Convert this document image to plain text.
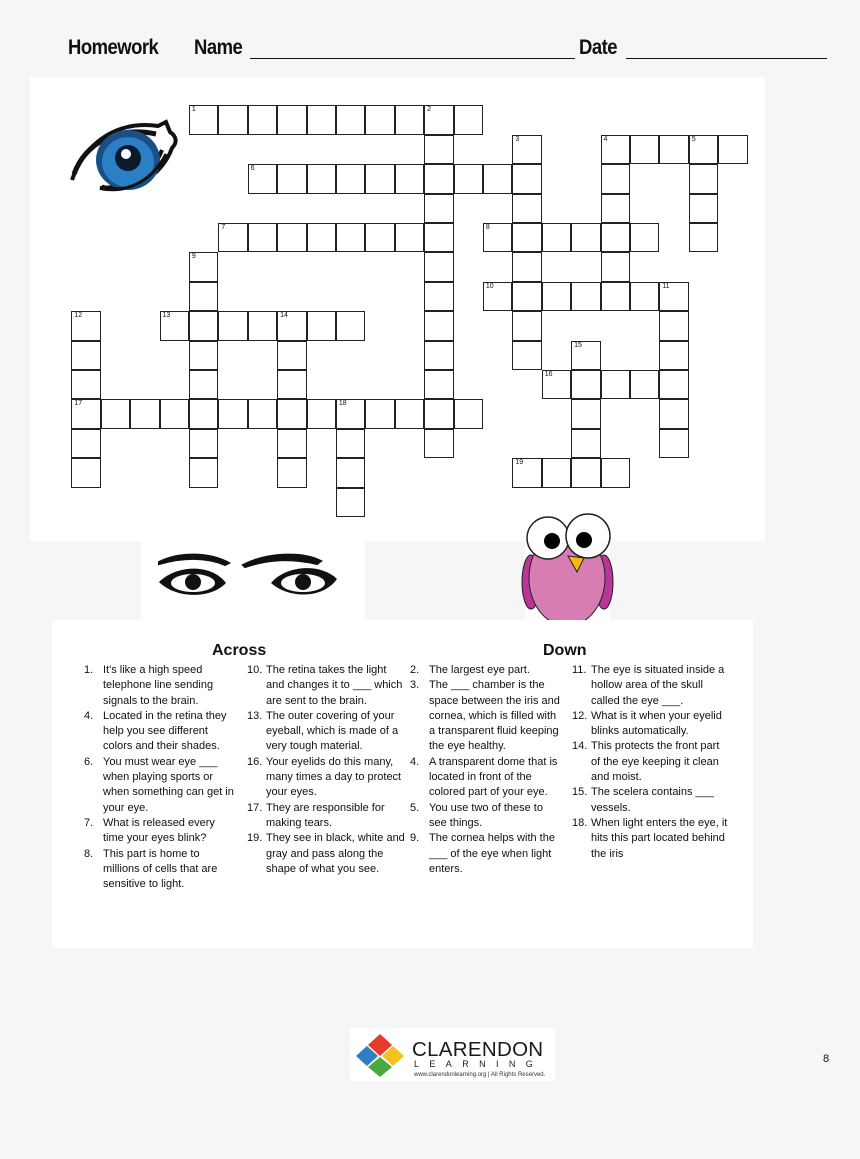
Homework Name	Date
1	2
3	4	5
6
7	8
9
10	11
12
17
13	14
15
16
18
19
Across	Down
1. It's like a high speed telephone line sending signals to the brain.
4. Located in the retina they help you see different colors and their shades.
6. You must wear eye ___ when playing sports or when something can get in your eye.
7. What is released every time your eyes blink?
8. This part is home to millions of cells that are sensitive to light.
10. The retina takes the light and changes it to ___ which are sent to the brain.
13. The outer covering of your eyeball, which is made of a very tough material.
16. Your eyelids do this many, many times a day to protect your eyes.
17. They are responsible for making tears.
19. They see in black, white and gray and pass along the shape of what you see.
2. The largest eye part.
3. The ___ chamber is the space between the iris and cornea, which is filled with a transparent fluid keeping the eye healthy.
4. A transparent dome that is located in front of the colored part of your eye.
5. You use two of these to see things.
9. The cornea helps with the ___ of the eye when light enters.
11. The eye is situated inside a hollow area of the skull called the eye ___.
12. What is it when your eyelid blinks automatically.
14. This protects the front part of the eye keeping it clean and moist.
15. The scelera contains ___ vessels.
18. When light enters the eye, it hits this part located behind the iris
CLARENDON
LEARNING
www.clarendonlearning.org | All Rights Reserved.
8
